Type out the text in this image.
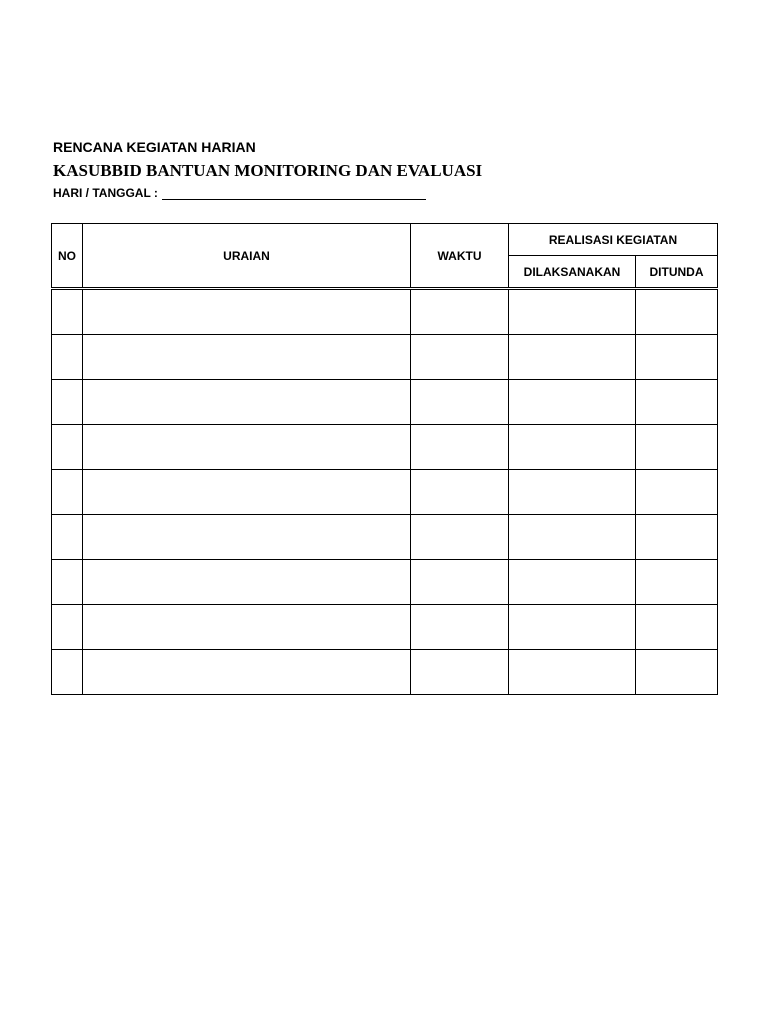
RENCANA KEGIATAN HARIAN
KASUBBID BANTUAN MONITORING DAN EVALUASI
HARI / TANGGAL :
NO	URAIAN	WAKTU	REALISASI KEGIATAN	
			DILAKSANAKAN	DITUNDA
